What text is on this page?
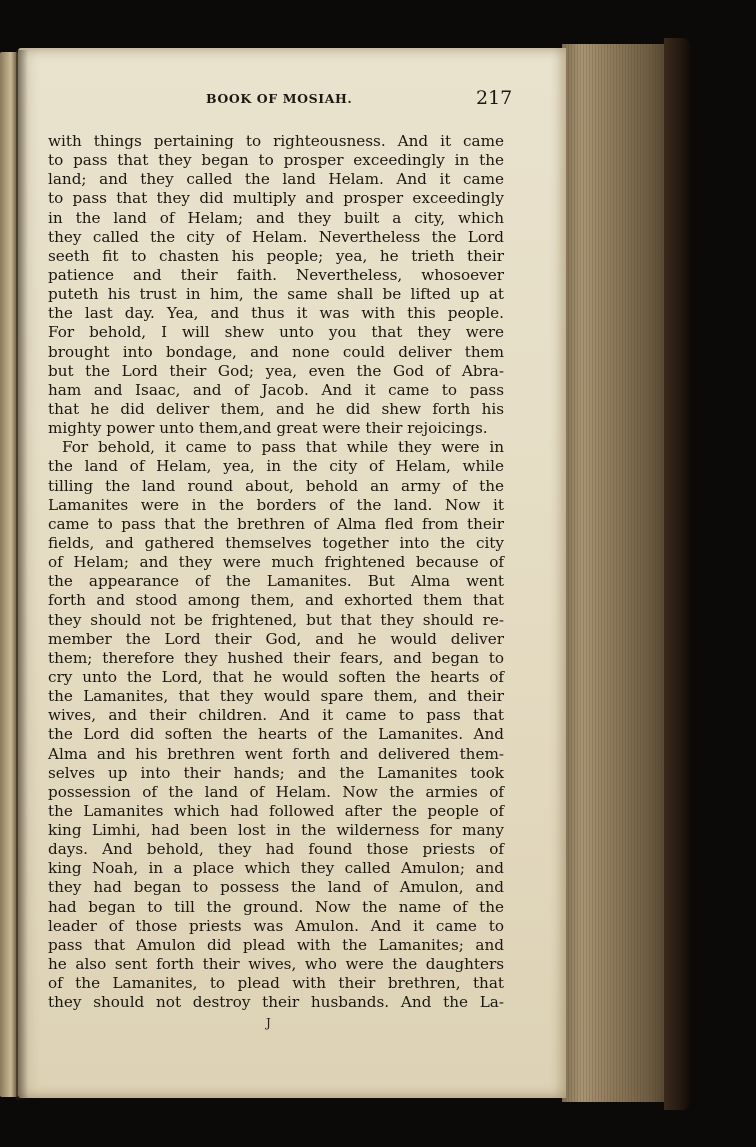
BOOK OF MOSIAH.	217
with things pertaining to righteousness. And it came
to pass that they began to prosper exceedingly in the
land; and they called the land Helam. And it came
to pass that they did multiply and prosper exceedingly
in the land of Helam; and they built a city, which
they called the city of Helam. Nevertheless the Lord
seeth fit to chasten his people; yea, he trieth their
patience and their faith. Nevertheless, whosoever
puteth his trust in him, the same shall be lifted up at
the last day. Yea, and thus it was with this people.
For behold, I will shew unto you that they were
brought into bondage, and none could deliver them
but the Lord their God; yea, even the God of Abra-
ham and Isaac, and of Jacob. And it came to pass
that he did deliver them, and he did shew forth his
mighty power unto them,and great were their rejoicings.
For behold, it came to pass that while they were in
the land of Helam, yea, in the city of Helam, while
tilling the land round about, behold an army of the
Lamanites were in the borders of the land. Now it
came to pass that the brethren of Alma fled from their
fields, and gathered themselves together into the city
of Helam; and they were much frightened because of
the appearance of the Lamanites. But Alma went
forth and stood among them, and exhorted them that
they should not be frightened, but that they should re-
member the Lord their God, and he would deliver
them; therefore they hushed their fears, and began to
cry unto the Lord, that he would soften the hearts of
the Lamanites, that they would spare them, and their
wives, and their children. And it came to pass that
the Lord did soften the hearts of the Lamanites. And
Alma and his brethren went forth and delivered them-
selves up into their hands; and the Lamanites took
possession of the land of Helam. Now the armies of
the Lamanites which had followed after the people of
king Limhi, had been lost in the wilderness for many
days. And behold, they had found those priests of
king Noah, in a place which they called Amulon; and
they had began to possess the land of Amulon, and
had began to till the ground. Now the name of the
leader of those priests was Amulon. And it came to
pass that Amulon did plead with the Lamanites; and
he also sent forth their wives, who were the daughters
of the Lamanites, to plead with their brethren, that
they should not destroy their husbands. And the La-
J
